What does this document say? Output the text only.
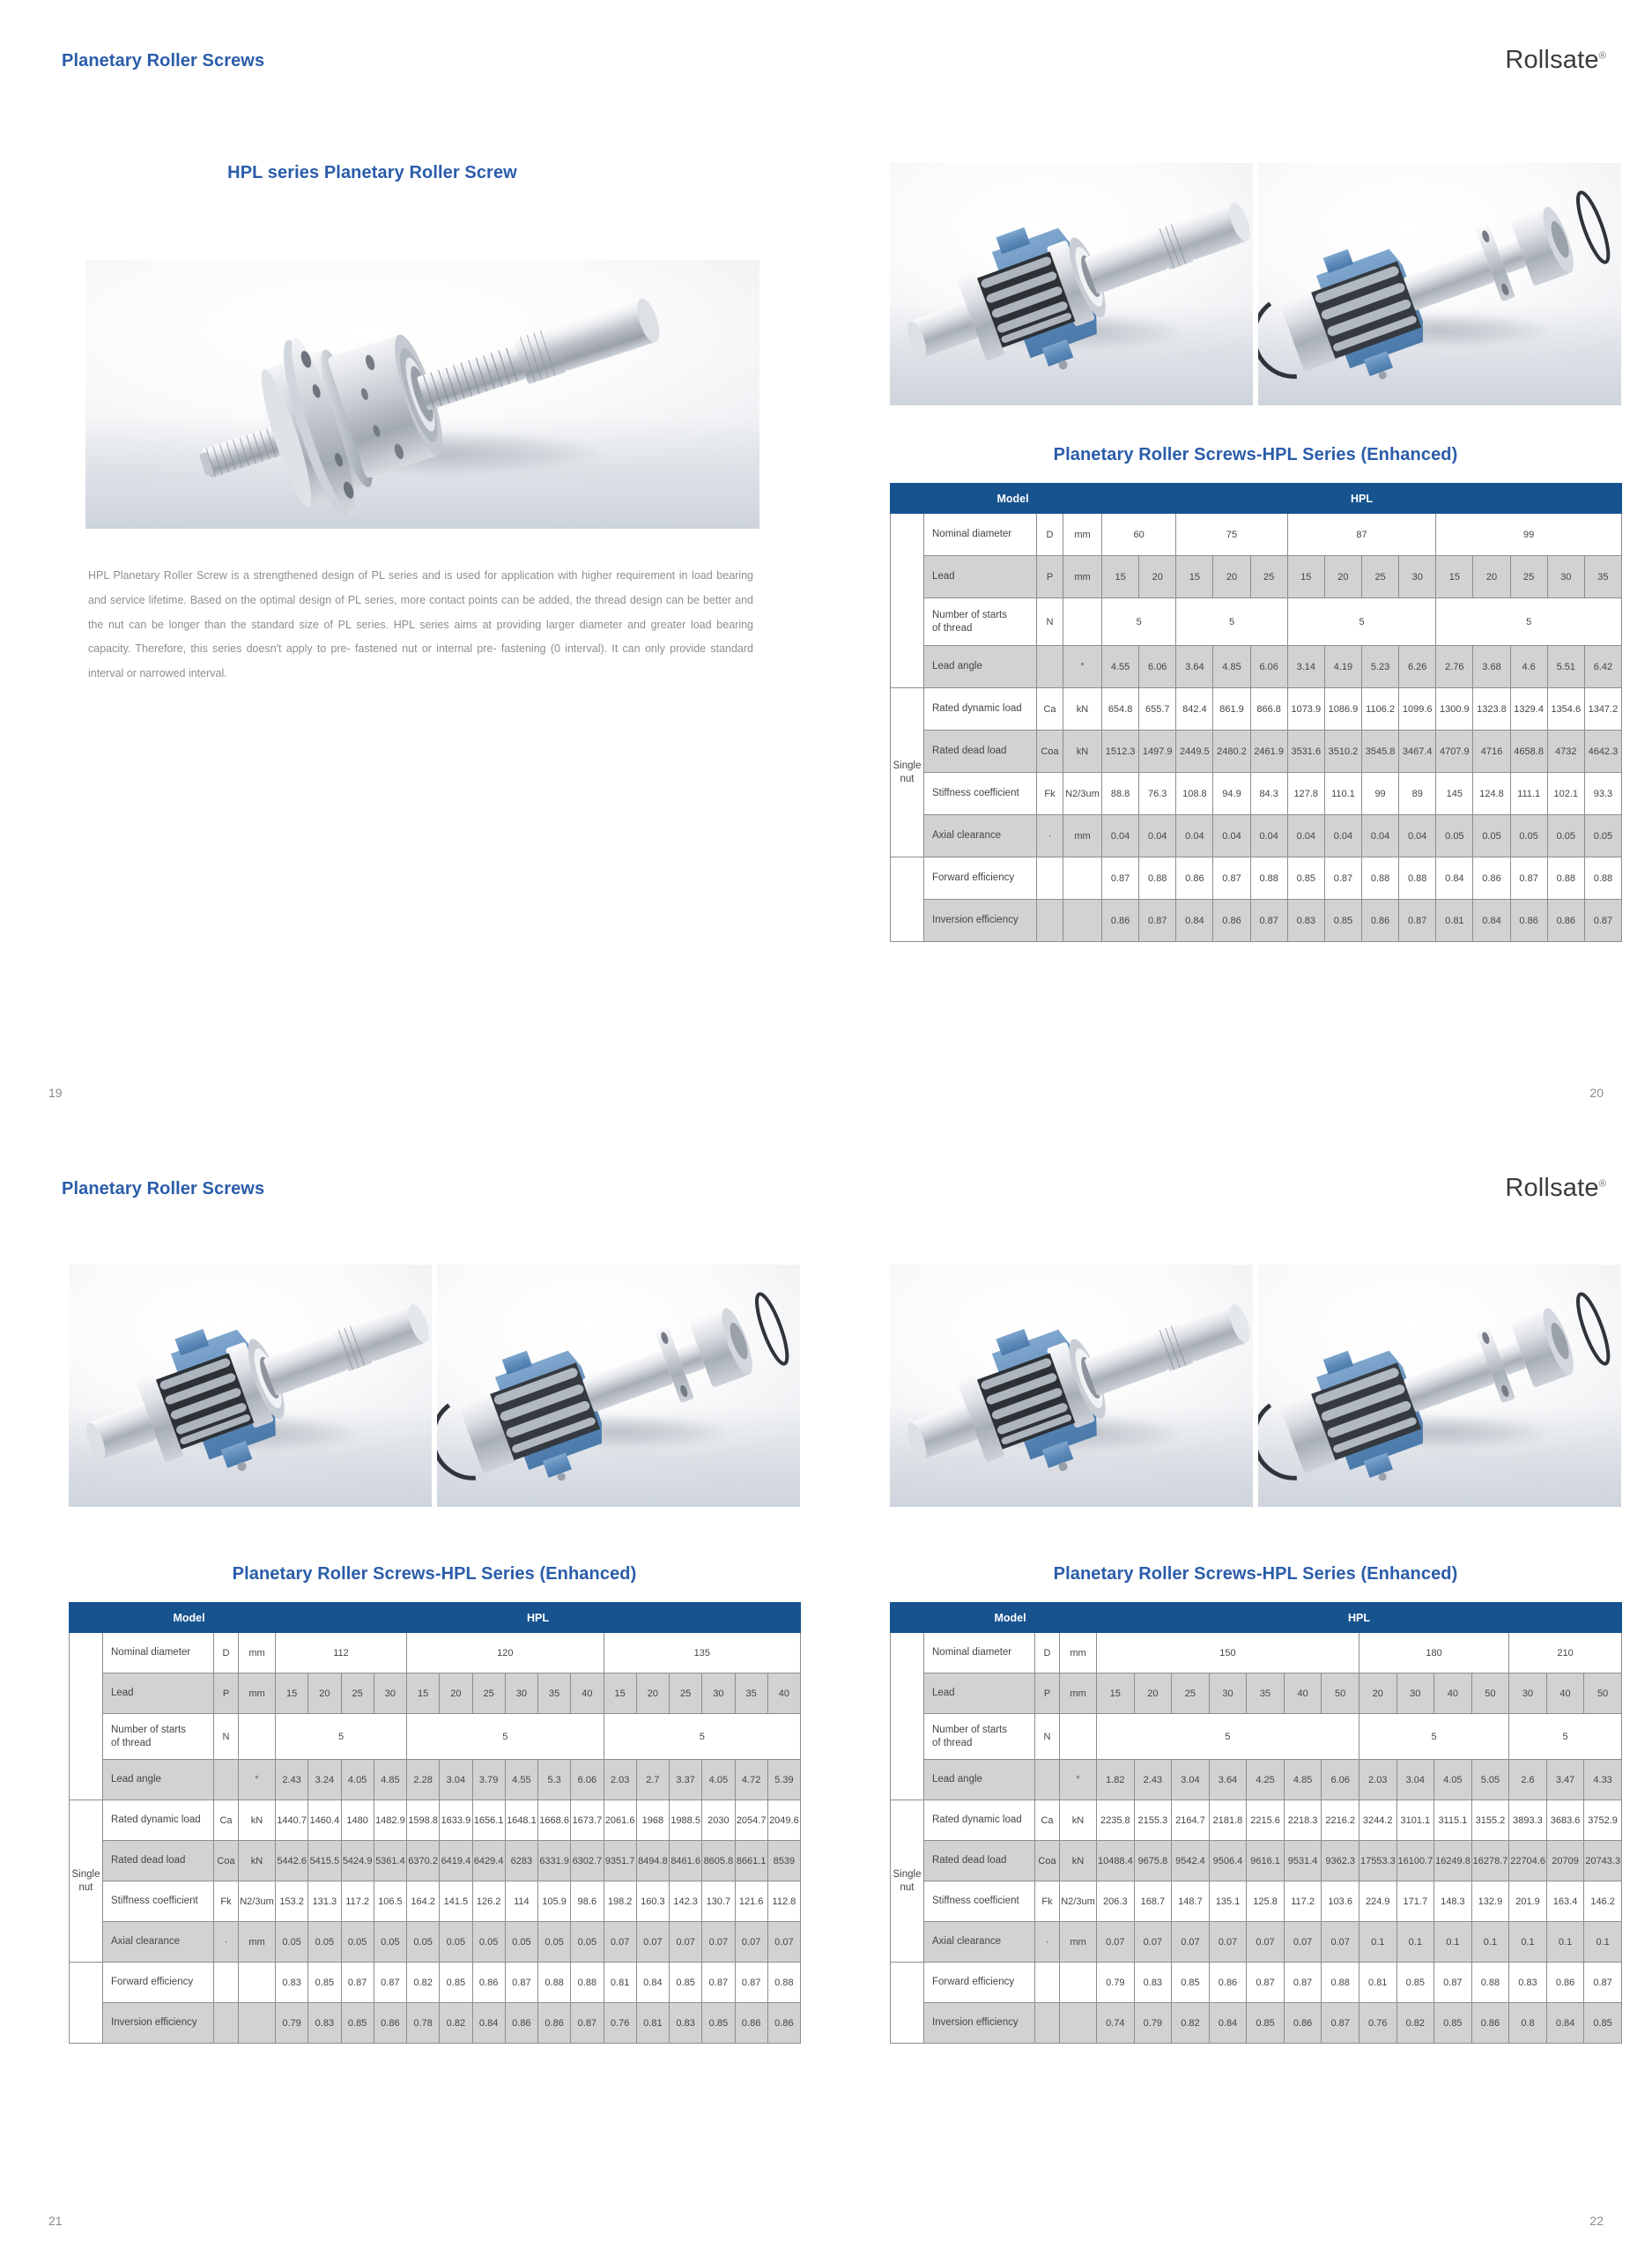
Planetary Roller Screws	Rollsate®
HPL series Planetary Roller Screw

HPL Planetary Roller Screw is a strengthened design of PL series and is used for application with higher requirement in load bearing and service lifetime. Based on the optimal design of PL series, more contact points can be added, the thread design can be better and the nut can be longer than the standard size of PL series. HPL series aims at providing larger diameter and greater load bearing capacity. Therefore, this series doesn't apply to pre- fastened nut or internal pre- fastening (0 interval). It can only provide standard interval or narrowed interval.

Planetary Roller Screws-HPL Series (Enhanced)
	Model			HPL													
	Nominal diameter	D	mm	60		75			87				99				
	Lead	P	mm	15	20	15	20	25	15	20	25	30	15	20	25	30	35
	Number of starts
of thread	N		5		5			5				5				
	Lead angle		°	4.55	6.06	3.64	4.85	6.06	3.14	4.19	5.23	6.26	2.76	3.68	4.6	5.51	6.42
Single
nut	Rated dynamic load	Ca	kN	654.8	655.7	842.4	861.9	866.8	1073.9	1086.9	1106.2	1099.6	1300.9	1323.8	1329.4	1354.6	1347.2
	Rated dead load	Coa	kN	1512.3	1497.9	2449.5	2480.2	2461.9	3531.6	3510.2	3545.8	3467.4	4707.9	4716	4658.8	4732	4642.3
	Stiffness coefficient	Fk	N2/3um	88.8	76.3	108.8	94.9	84.3	127.8	110.1	99	89	145	124.8	111.1	102.1	93.3
	Axial clearance	·	mm	0.04	0.04	0.04	0.04	0.04	0.04	0.04	0.04	0.04	0.05	0.05	0.05	0.05	0.05
	Forward efficiency			0.87	0.88	0.86	0.87	0.88	0.85	0.87	0.88	0.88	0.84	0.86	0.87	0.88	0.88
	Inversion efficiency			0.86	0.87	0.84	0.86	0.87	0.83	0.85	0.86	0.87	0.81	0.84	0.86	0.86	0.87
19	20
Planetary Roller Screws	Rollsate®
Planetary Roller Screws-HPL Series (Enhanced)
	Model			HPL															
	Nominal diameter	D	mm	112				120						135					
	Lead	P	mm	15	20	25	30	15	20	25	30	35	40	15	20	25	30	35	40
	Number of starts
of thread	N		5				5						5					
	Lead angle		°	2.43	3.24	4.05	4.85	2.28	3.04	3.79	4.55	5.3	6.06	2.03	2.7	3.37	4.05	4.72	5.39
Single
nut	Rated dynamic load	Ca	kN	1440.7	1460.4	1480	1482.9	1598.8	1633.9	1656.1	1648.1	1668.6	1673.7	2061.6	1968	1988.5	2030	2054.7	2049.6
	Rated dead load	Coa	kN	5442.6	5415.5	5424.9	5361.4	6370.2	6419.4	6429.4	6283	6331.9	6302.7	9351.7	8494.8	8461.6	8605.8	8661.1	8539
	Stiffness coefficient	Fk	N2/3um	153.2	131.3	117.2	106.5	164.2	141.5	126.2	114	105.9	98.6	198.2	160.3	142.3	130.7	121.6	112.8
	Axial clearance	·	mm	0.05	0.05	0.05	0.05	0.05	0.05	0.05	0.05	0.05	0.05	0.07	0.07	0.07	0.07	0.07	0.07
	Forward efficiency			0.83	0.85	0.87	0.87	0.82	0.85	0.86	0.87	0.88	0.88	0.81	0.84	0.85	0.87	0.87	0.88
	Inversion efficiency			0.79	0.83	0.85	0.86	0.78	0.82	0.84	0.86	0.86	0.87	0.76	0.81	0.83	0.85	0.86	0.86
Planetary Roller Screws-HPL Series (Enhanced)
	Model			HPL													
	Nominal diameter	D	mm	150							180				210		
	Lead	P	mm	15	20	25	30	35	40	50	20	30	40	50	30	40	50
	Number of starts
of thread	N		5							5				5		
	Lead angle		°	1.82	2.43	3.04	3.64	4.25	4.85	6.06	2.03	3.04	4.05	5.05	2.6	3.47	4.33
Single
nut	Rated dynamic load	Ca	kN	2235.8	2155.3	2164.7	2181.8	2215.6	2218.3	2216.2	3244.2	3101.1	3115.1	3155.2	3893.3	3683.6	3752.9
	Rated dead load	Coa	kN	10488.4	9675.8	9542.4	9506.4	9616.1	9531.4	9362.3	17553.3	16100.7	16249.8	16278.7	22704.6	20709	20743.3
	Stiffness coefficient	Fk	N2/3um	206.3	168.7	148.7	135.1	125.8	117.2	103.6	224.9	171.7	148.3	132.9	201.9	163.4	146.2
	Axial clearance	·	mm	0.07	0.07	0.07	0.07	0.07	0.07	0.07	0.1	0.1	0.1	0.1	0.1	0.1	0.1
	Forward efficiency			0.79	0.83	0.85	0.86	0.87	0.87	0.88	0.81	0.85	0.87	0.88	0.83	0.86	0.87
	Inversion efficiency			0.74	0.79	0.82	0.84	0.85	0.86	0.87	0.76	0.82	0.85	0.86	0.8	0.84	0.85
21	22
